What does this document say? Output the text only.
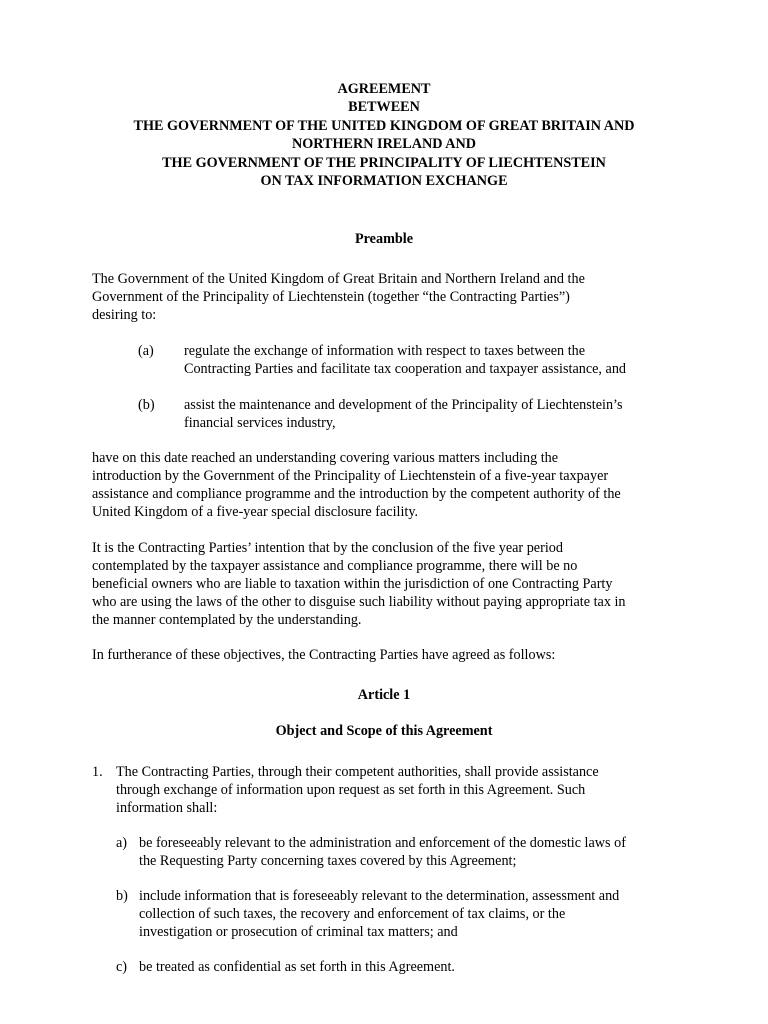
AGREEMENT
BETWEEN
THE GOVERNMENT OF THE UNITED KINGDOM OF GREAT BRITAIN AND
NORTHERN IRELAND AND
THE GOVERNMENT OF THE PRINCIPALITY OF LIECHTENSTEIN
ON TAX INFORMATION EXCHANGE
Preamble
The Government of the United Kingdom of Great Britain and Northern Ireland and the
Government of the Principality of Liechtenstein (together “the Contracting Parties”)
desiring to:
(a) regulate the exchange of information with respect to taxes between the
Contracting Parties and facilitate tax cooperation and taxpayer assistance, and
(b) assist the maintenance and development of the Principality of Liechtenstein’s
financial services industry,
have on this date reached an understanding covering various matters including the
introduction by the Government of the Principality of Liechtenstein of a five-year taxpayer
assistance and compliance programme and the introduction by the competent authority of the
United Kingdom of a five-year special disclosure facility.
It is the Contracting Parties’ intention that by the conclusion of the five year period
contemplated by the taxpayer assistance and compliance programme, there will be no
beneficial owners who are liable to taxation within the jurisdiction of one Contracting Party
who are using the laws of the other to disguise such liability without paying appropriate tax in
the manner contemplated by the understanding.
In furtherance of these objectives, the Contracting Parties have agreed as follows:
Article 1
Object and Scope of this Agreement
1. The Contracting Parties, through their competent authorities, shall provide assistance
through exchange of information upon request as set forth in this Agreement. Such
information shall:
a) be foreseeably relevant to the administration and enforcement of the domestic laws of
the Requesting Party concerning taxes covered by this Agreement;
b) include information that is foreseeably relevant to the determination, assessment and
collection of such taxes, the recovery and enforcement of tax claims, or the
investigation or prosecution of criminal tax matters; and
c) be treated as confidential as set forth in this Agreement.
